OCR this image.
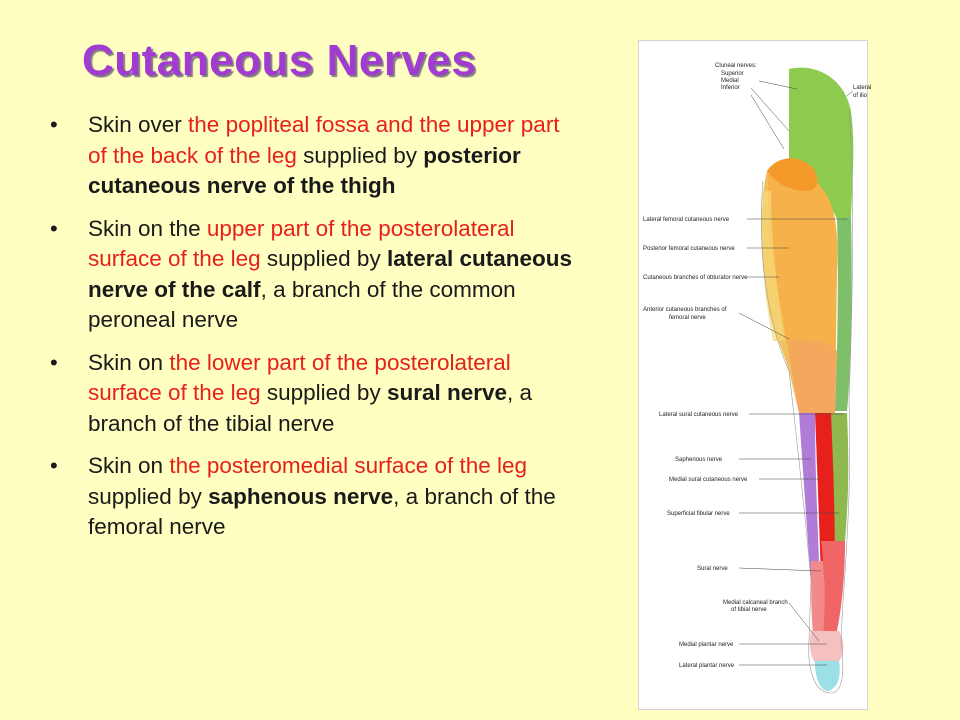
Cutaneous Nerves
• Skin over the popliteal fossa and the upper part of the back of the leg supplied by posterior cutaneous nerve of the thigh
• Skin on the upper part of the posterolateral surface of the leg supplied by lateral cutaneous nerve of the calf, a branch of the common peroneal nerve
• Skin on the lower part of the posterolateral surface of the leg supplied by sural nerve, a branch of the tibial nerve
• Skin on the posteromedial surface of the leg supplied by saphenous nerve, a branch of the femoral nerve
Cluneal nerves:
Superior
Medial
Inferior	Lateral
of ilio
Lateral femoral cutaneous nerve
Posterior femoral cutaneous nerve
Cutaneous branches of obturator nerve
Anterior cutaneous branches of
femoral nerve
Lateral sural cutaneous nerve
Saphenous nerve
Medial sural cutaneous nerve
Superficial fibular nerve
Sural nerve
Medial calcaneal branch
of tibial nerve
Medial plantar nerve
Lateral plantar nerve
